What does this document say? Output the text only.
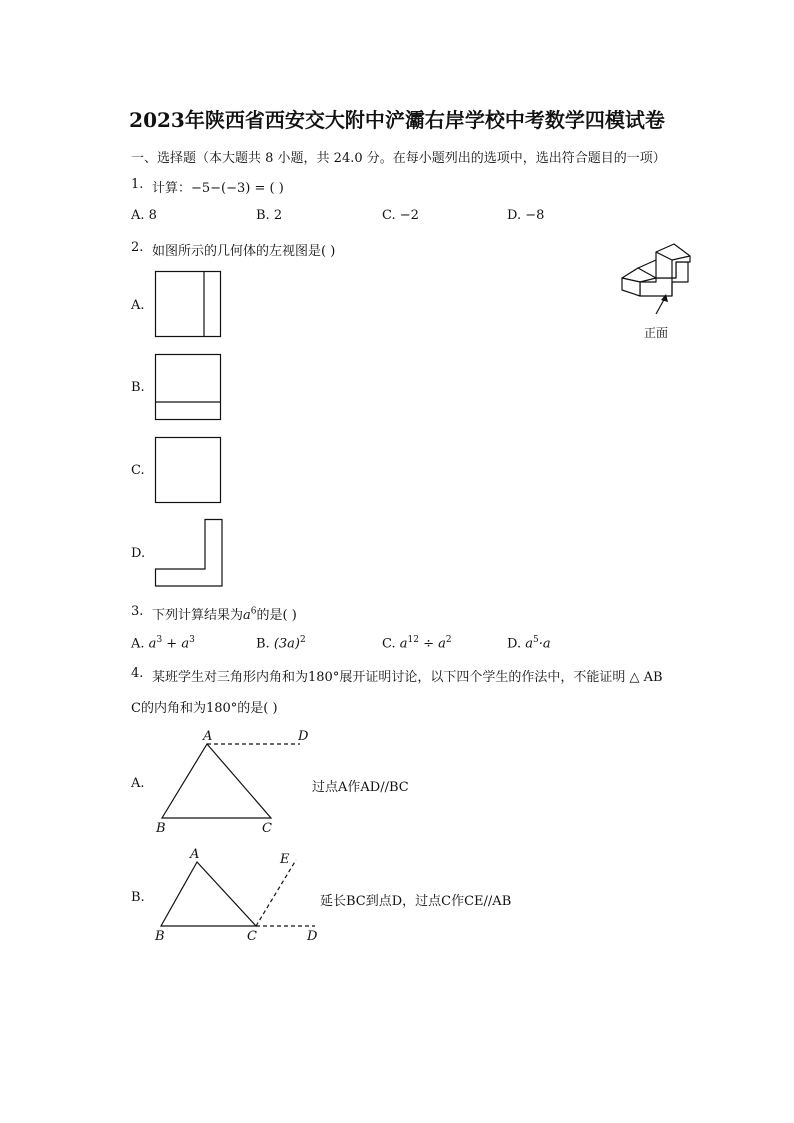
2023年陕西省西安交大附中浐灞右岸学校中考数学四模试卷
一、选择题（本大题共 8 小题，共 24.0 分。在每小题列出的选项中，选出符合题目的一项）
1. 计算：−5−(−3) = ( )
A. 8	B. 2	C. −2	D. −8
2. 如图所示的几何体的左视图是( )
正面
A.
B.
C.
D.
3. 下列计算结果为$a^6$的是( )
A. $a^3 + a^3$	B. $(3a)^2$	C. $a^{12} \div a^2$	D. $a^5\cdot a$
4. 某班学生对三角形内角和为180°展开证明讨论，以下四个学生的作法中，不能证明 △ AB
C的内角和为180°的是( )
A.
A	D
B	C
过点A作AD//BC
B.
A	E
B	C	D
延长BC到点D，过点C作CE//AB
